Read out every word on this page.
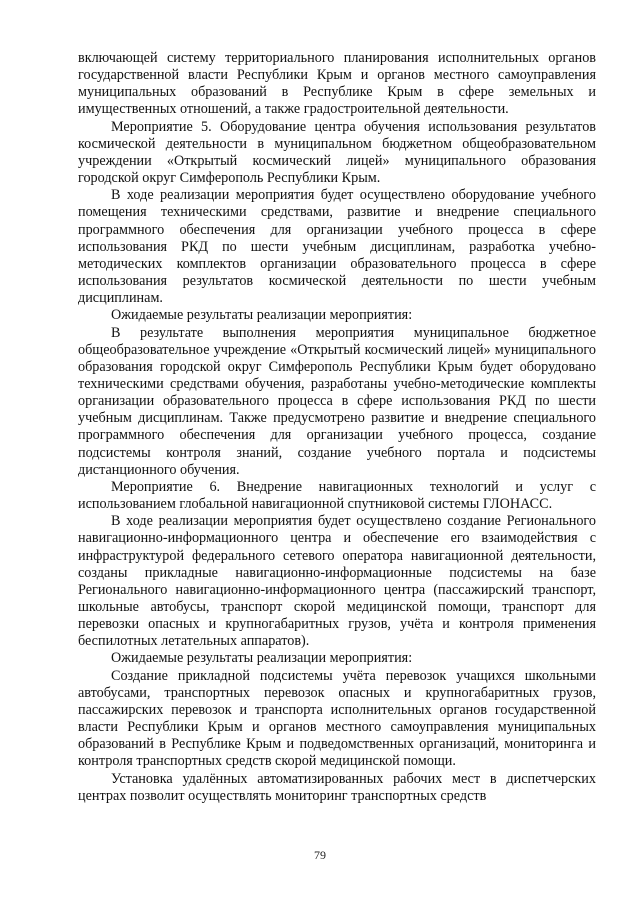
включающей систему территориального планирования исполнительных органов государственной власти Республики Крым и органов местного самоуправления муниципальных образований в Республике Крым в сфере земельных и имущественных отношений, а также градостроительной деятельности.

Мероприятие 5. Оборудование центра обучения использования результатов космической деятельности в муниципальном бюджетном общеобразовательном учреждении «Открытый космический лицей» муниципального образования городской округ Симферополь Республики Крым.

В ходе реализации мероприятия будет осуществлено оборудование учебного помещения техническими средствами, развитие и внедрение специального программного обеспечения для организации учебного процесса в сфере использования РКД по шести учебным дисциплинам, разработка учебно-методических комплектов организации образовательного процесса в сфере использования результатов космической деятельности по шести учебным дисциплинам.

Ожидаемые результаты реализации мероприятия:

В результате выполнения мероприятия муниципальное бюджетное общеобразовательное учреждение «Открытый космический лицей» муниципального образования городской округ Симферополь Республики Крым будет оборудовано техническими средствами обучения, разработаны учебно-методические комплекты организации образовательного процесса в сфере использования РКД по шести учебным дисциплинам. Также предусмотрено развитие и внедрение специального программного обеспечения для организации учебного процесса, создание подсистемы контроля знаний, создание учебного портала и подсистемы дистанционного обучения.

Мероприятие 6. Внедрение навигационных технологий и услуг с использованием глобальной навигационной спутниковой системы ГЛОНАСС.

В ходе реализации мероприятия будет осуществлено создание Регионального навигационно-информационного центра и обеспечение его взаимодействия с инфраструктурой федерального сетевого оператора навигационной деятельности, созданы прикладные навигационно-информационные подсистемы на базе Регионального навигационно-информационного центра (пассажирский транспорт, школьные автобусы, транспорт скорой медицинской помощи, транспорт для перевозки опасных и крупногабаритных грузов, учёта и контроля применения беспилотных летательных аппаратов).

Ожидаемые результаты реализации мероприятия:

Создание прикладной подсистемы учёта перевозок учащихся школьными автобусами, транспортных перевозок опасных и крупногабаритных грузов, пассажирских перевозок и транспорта исполнительных органов государственной власти Республики Крым и органов местного самоуправления муниципальных образований в Республике Крым и подведомственных организаций, мониторинга и контроля транспортных средств скорой медицинской помощи.

Установка удалённых автоматизированных рабочих мест в диспетчерских центрах позволит осуществлять мониторинг транспортных средств

79
